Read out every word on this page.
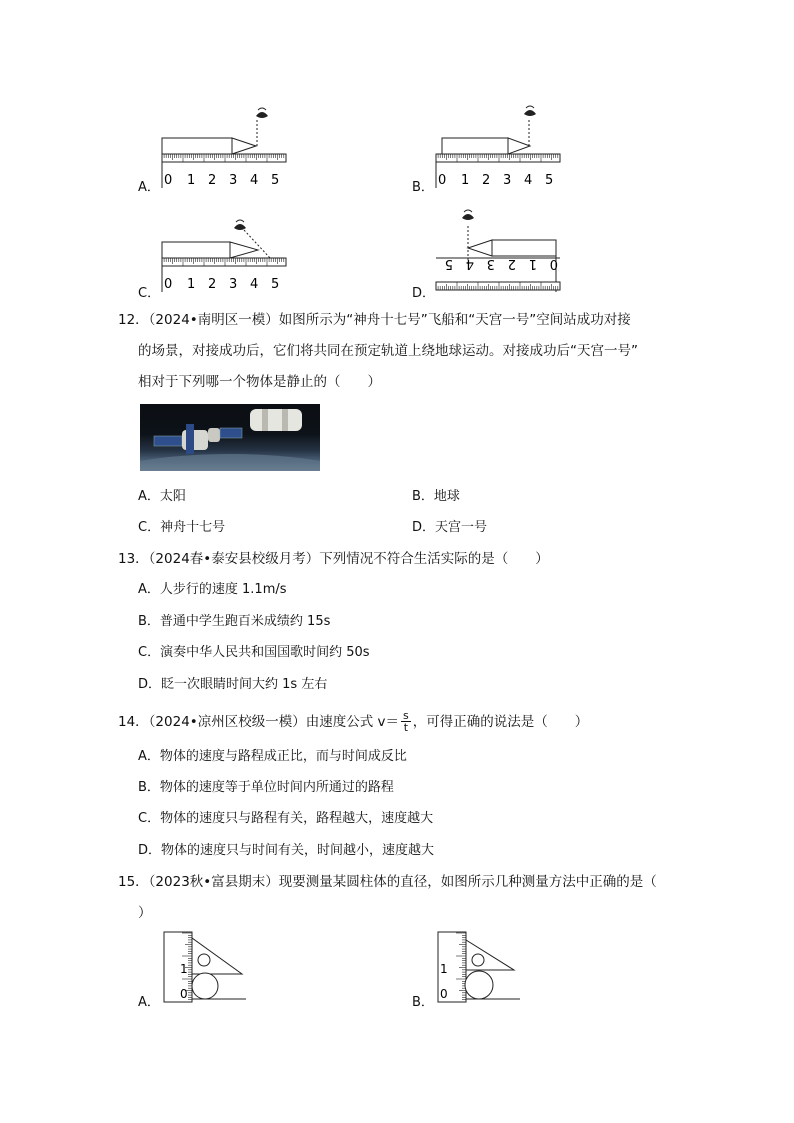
A． 0 1 2 3 4 5	B． 0 1 2 3 4 5
C．
0 1 2 3 4 5
D．
0
1
2
3
4
5
12．（2024•南明区一模）如图所示为“神舟十七号”飞船和“天宫一号”空间站成功对接
的场景，对接成功后，它们将共同在预定轨道上绕地球运动。对接成功后“天宫一号”
相对于下列哪一个物体是静止的（　　）
A．太阳	B．地球
C．神舟十七号	D．天宫一号
13．（2024春•泰安县校级月考）下列情况不符合生活实际的是（　　）
A．人步行的速度 1.1m/s
B．普通中学生跑百米成绩约 15s
C．演奏中华人民共和国国歌时间约 50s
D．眨一次眼睛时间大约 1s 左右
14．（2024•凉州区校级一模）由速度公式 $v= \frac{s}{t}$ ，可得正确的说法是（　　）
A．物体的速度与路程成正比，而与时间成反比
B．物体的速度等于单位时间内所通过的路程
C．物体的速度只与路程有关，路程越大，速度越大
D．物体的速度只与时间有关，时间越小，速度越大
15．（2023秋•富县期末）现要测量某圆柱体的直径，如图所示几种测量方法中正确的是（
）
A．
1
0
B．
1
0
